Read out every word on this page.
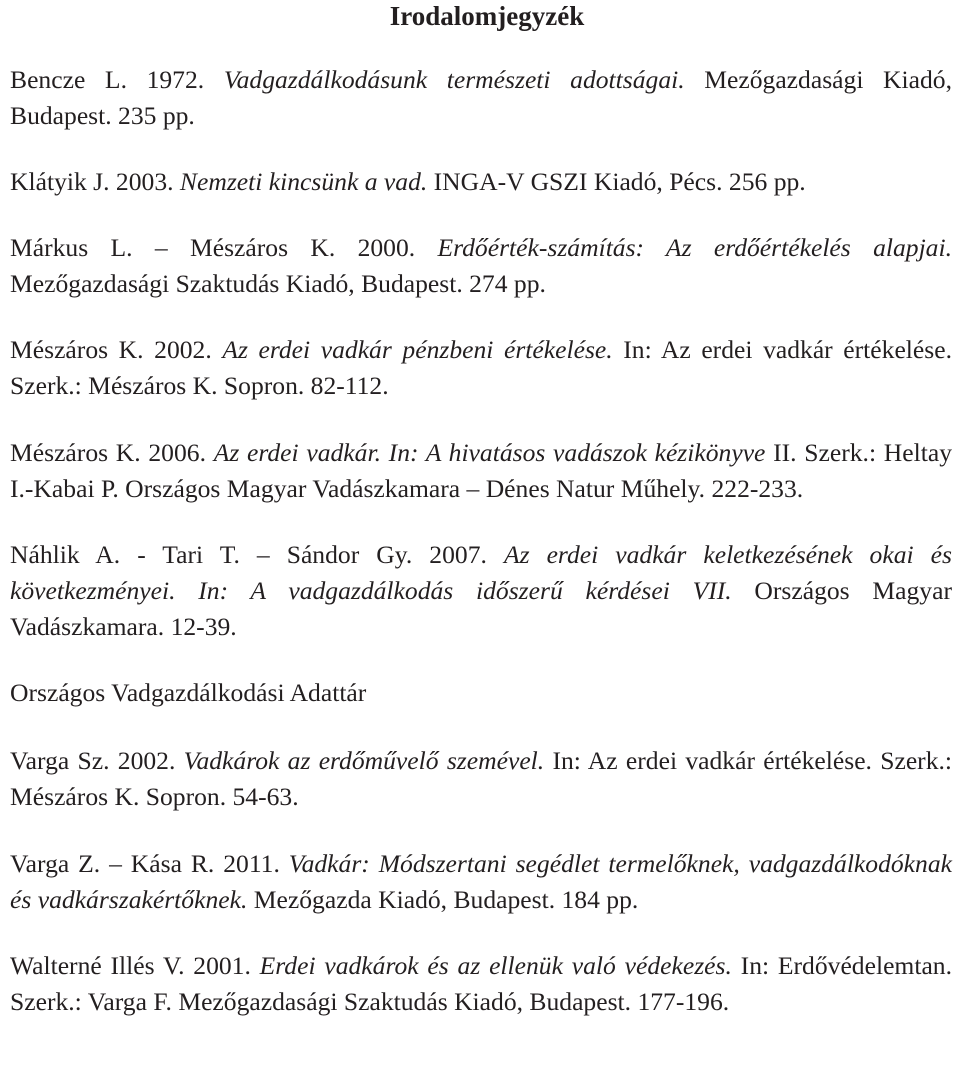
Irodalomjegyzék

Bencze L. 1972. Vadgazdálkodásunk természeti adottságai. Mezőgazdasági Kiadó, Budapest. 235 pp.

Klátyik J. 2003. Nemzeti kincsünk a vad. INGA-V GSZI Kiadó, Pécs. 256 pp.

Márkus L. – Mészáros K. 2000. Erdőérték-számítás: Az erdőértékelés alapjai. Mezőgazdasági Szaktudás Kiadó, Budapest. 274 pp.

Mészáros K. 2002. Az erdei vadkár pénzbeni értékelése. In: Az erdei vadkár értékelése. Szerk.: Mészáros K. Sopron. 82-112.

Mészáros K. 2006. Az erdei vadkár. In: A hivatásos vadászok kézikönyve II. Szerk.: Heltay I.-Kabai P. Országos Magyar Vadászkamara – Dénes Natur Műhely. 222-233.

Náhlik A. - Tari T. – Sándor Gy. 2007. Az erdei vadkár keletkezésének okai és következményei. In: A vadgazdálkodás időszerű kérdései VII. Országos Magyar Vadászkamara. 12-39.

Országos Vadgazdálkodási Adattár

Varga Sz. 2002. Vadkárok az erdőművelő szemével. In: Az erdei vadkár értékelése. Szerk.: Mészáros K. Sopron. 54-63.

Varga Z. – Kása R. 2011. Vadkár: Módszertani segédlet termelőknek, vadgazdálkodóknak és vadkárszakértőknek. Mezőgazda Kiadó, Budapest. 184 pp.

Walterné Illés V. 2001. Erdei vadkárok és az ellenük való védekezés. In: Erdővédelemtan. Szerk.: Varga F. Mezőgazdasági Szaktudás Kiadó, Budapest. 177-196.
